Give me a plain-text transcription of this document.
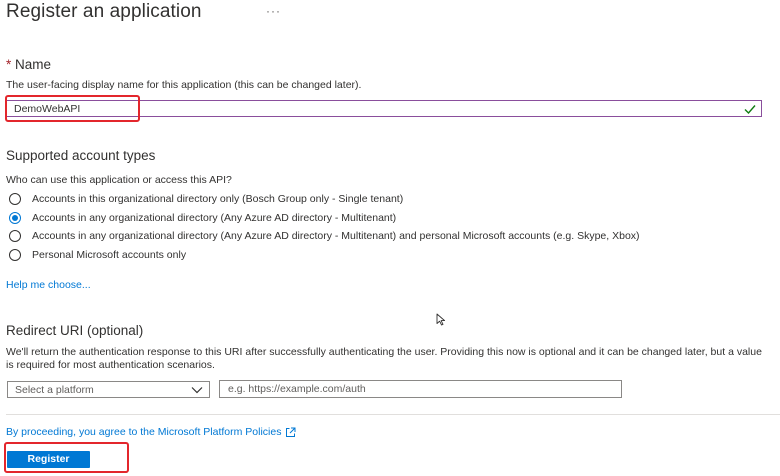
Register an application	···
* Name
The user-facing display name for this application (this can be changed later).
DemoWebAPI
Supported account types
Who can use this application or access this API?
Accounts in this organizational directory only (Bosch Group only - Single tenant)
Accounts in any organizational directory (Any Azure AD directory - Multitenant)
Accounts in any organizational directory (Any Azure AD directory - Multitenant) and personal Microsoft accounts (e.g. Skype, Xbox)
Personal Microsoft accounts only
Help me choose...
Redirect URI (optional)
We'll return the authentication response to this URI after successfully authenticating the user. Providing this now is optional and it can be changed later, but a value is required for most authentication scenarios.
Select a platform	e.g. https://example.com/auth
By proceeding, you agree to the Microsoft Platform Policies
Register
